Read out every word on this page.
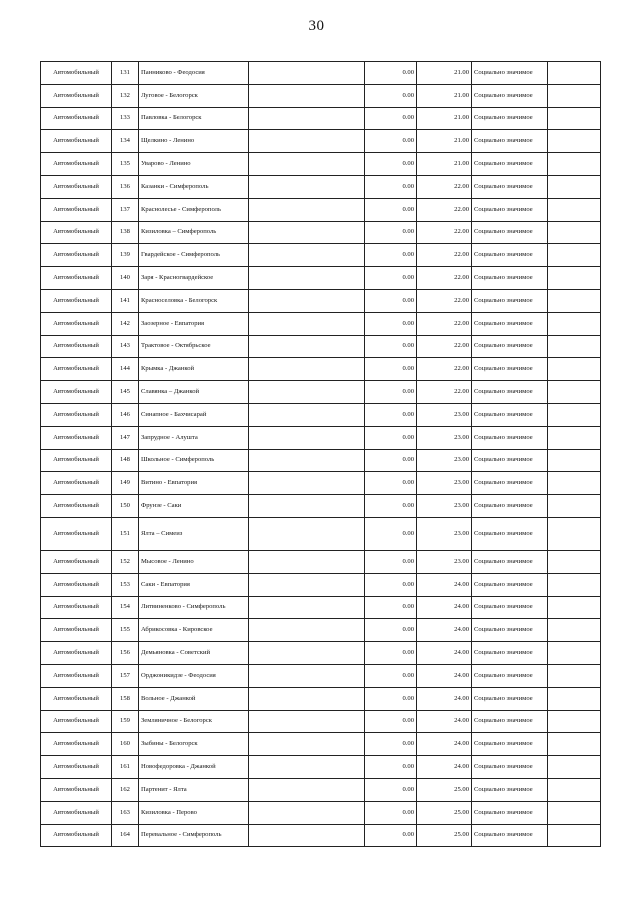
30
Автомобильный	131	Панниково - Феодосия		0.00	21.00	Социально значимое	
Автомобильный	132	Луговое - Белогорск		0.00	21.00	Социально значимое	
Автомобильный	133	Павловка - Белогорск		0.00	21.00	Социально значимое	
Автомобильный	134	Щелкино - Ленино		0.00	21.00	Социально значимое	
Автомобильный	135	Уварово - Ленино		0.00	21.00	Социально значимое	
Автомобильный	136	Казанки - Симферополь		0.00	22.00	Социально значимое	
Автомобильный	137	Краснолесье - Симферополь		0.00	22.00	Социально значимое	
Автомобильный	138	Кизиловка – Симферополь		0.00	22.00	Социально значимое	
Автомобильный	139	Гвардейское - Симферополь		0.00	22.00	Социально значимое	
Автомобильный	140	Заря - Красногвардейское		0.00	22.00	Социально значимое	
Автомобильный	141	Красноселовка - Белогорск		0.00	22.00	Социально значимое	
Автомобильный	142	Заозерное - Евпатория		0.00	22.00	Социально значимое	
Автомобильный	143	Трактовое - Октябрьское		0.00	22.00	Социально значимое	
Автомобильный	144	Крымка - Джанкой		0.00	22.00	Социально значимое	
Автомобильный	145	Славянка – Джанкой		0.00	22.00	Социально значимое	
Автомобильный	146	Синапное - Бахчисарай		0.00	23.00	Социально значимое	
Автомобильный	147	Запрудное - Алушта		0.00	23.00	Социально значимое	
Автомобильный	148	Школьное - Симферополь		0.00	23.00	Социально значимое	
Автомобильный	149	Витино - Евпатория		0.00	23.00	Социально значимое	
Автомобильный	150	Фрунзе - Саки		0.00	23.00	Социально значимое	
Автомобильный	151	Ялта – Симеиз		0.00	23.00	Социально значимое	
Автомобильный	152	Мысовое - Ленино		0.00	23.00	Социально значимое	
Автомобильный	153	Саки - Евпатория		0.00	24.00	Социально значимое	
Автомобильный	154	Литвиненково - Симферополь		0.00	24.00	Социально значимое	
Автомобильный	155	Абрикосовка - Кировское		0.00	24.00	Социально значимое	
Автомобильный	156	Демьяновка - Советский		0.00	24.00	Социально значимое	
Автомобильный	157	Орджоникидзе - Феодосия		0.00	24.00	Социально значимое	
Автомобильный	158	Вольное - Джанкой		0.00	24.00	Социально значимое	
Автомобильный	159	Земляничное - Белогорск		0.00	24.00	Социально значимое	
Автомобильный	160	Зыбины - Белогорск		0.00	24.00	Социально значимое	
Автомобильный	161	Новофедоровка - Джанкой		0.00	24.00	Социально значимое	
Автомобильный	162	Партенит - Ялта		0.00	25.00	Социально значимое	
Автомобильный	163	Кизиловка - Перово		0.00	25.00	Социально значимое	
Автомобильный	164	Перевальное - Симферополь		0.00	25.00	Социально значимое	
